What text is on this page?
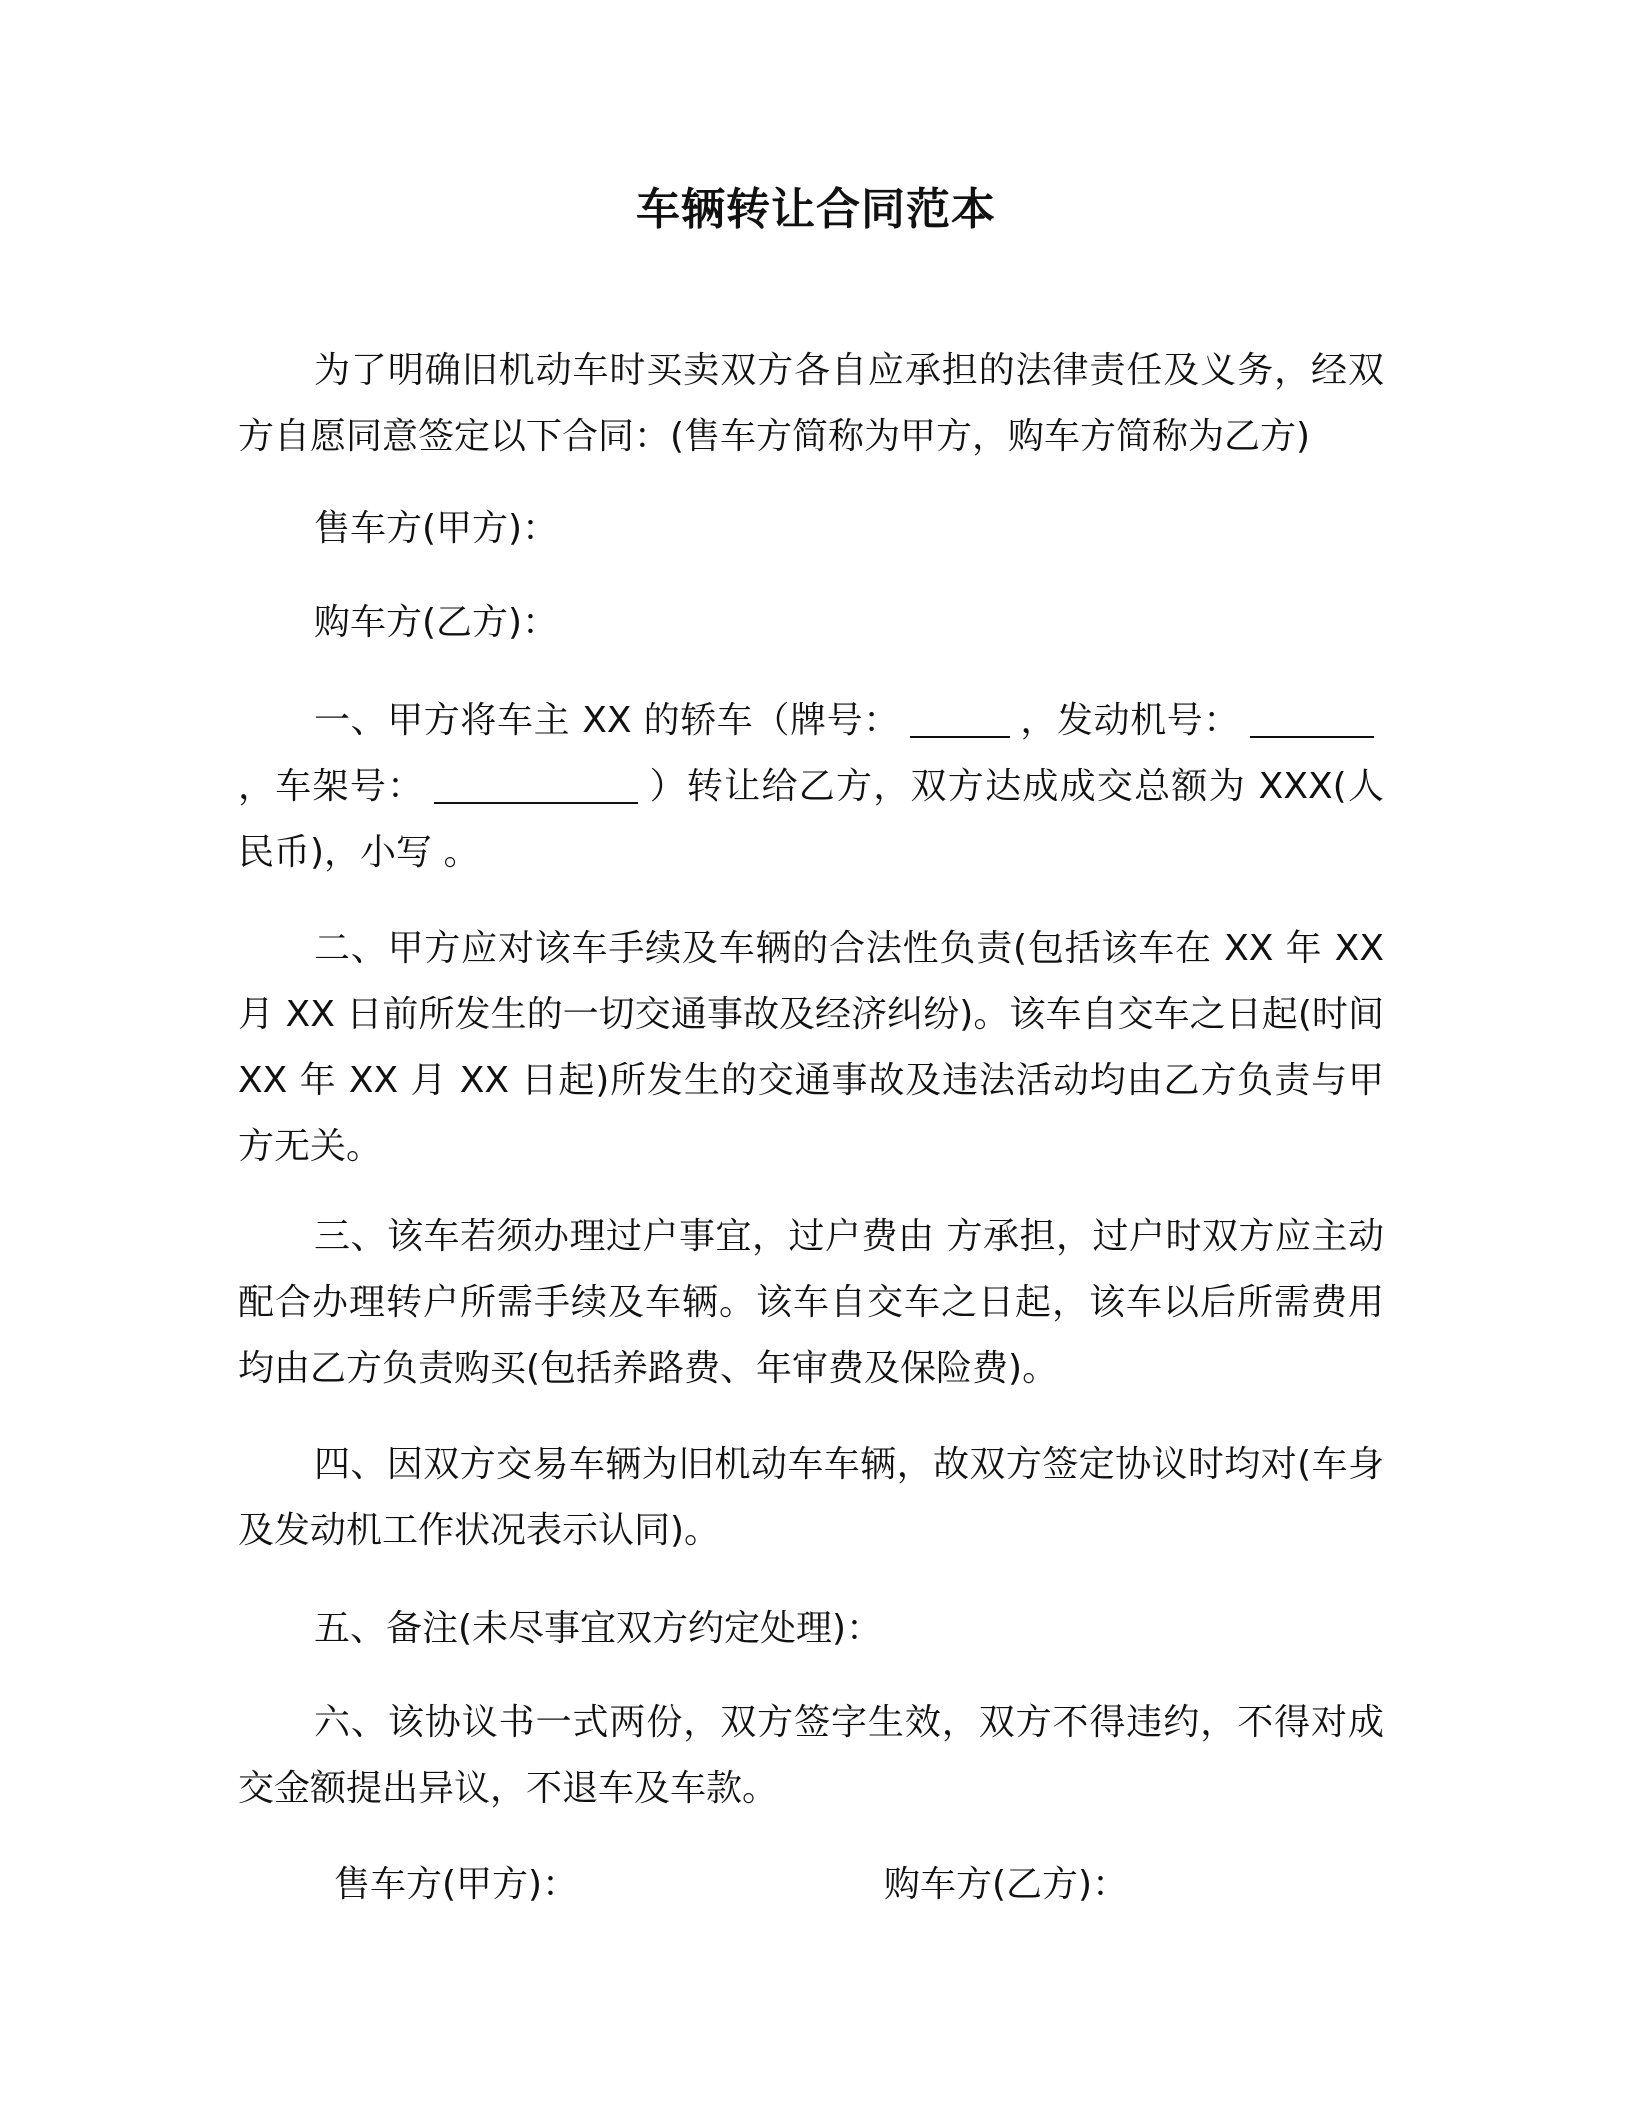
车辆转让合同范本

为了明确旧机动车时买卖双方各自应承担的法律责任及义务，经双方自愿同意签定以下合同：(售车方简称为甲方，购车方简称为乙方)

售车方(甲方)：

购车方(乙方)：

一、甲方将车主 XX 的轿车（牌号：	，发动机号：，车架号：	）转让给乙方，双方达成成交总额为 XXX(人民币)，小写 。

二、甲方应对该车手续及车辆的合法性负责(包括该车在 XX 年 XX 月 XX 日前所发生的一切交通事故及经济纠纷)。该车自交车之日起(时间 XX 年 XX 月 XX 日起)所发生的交通事故及违法活动均由乙方负责与甲方无关。

三、该车若须办理过户事宜，过户费由 方承担，过户时双方应主动配合办理转户所需手续及车辆。该车自交车之日起，该车以后所需费用均由乙方负责购买(包括养路费、年审费及保险费)。

四、因双方交易车辆为旧机动车车辆，故双方签定协议时均对(车身及发动机工作状况表示认同)。

五、备注(未尽事宜双方约定处理)：

六、该协议书一式两份，双方签字生效，双方不得违约，不得对成交金额提出异议，不退车及车款。

售车方(甲方)：	购车方(乙方)：
